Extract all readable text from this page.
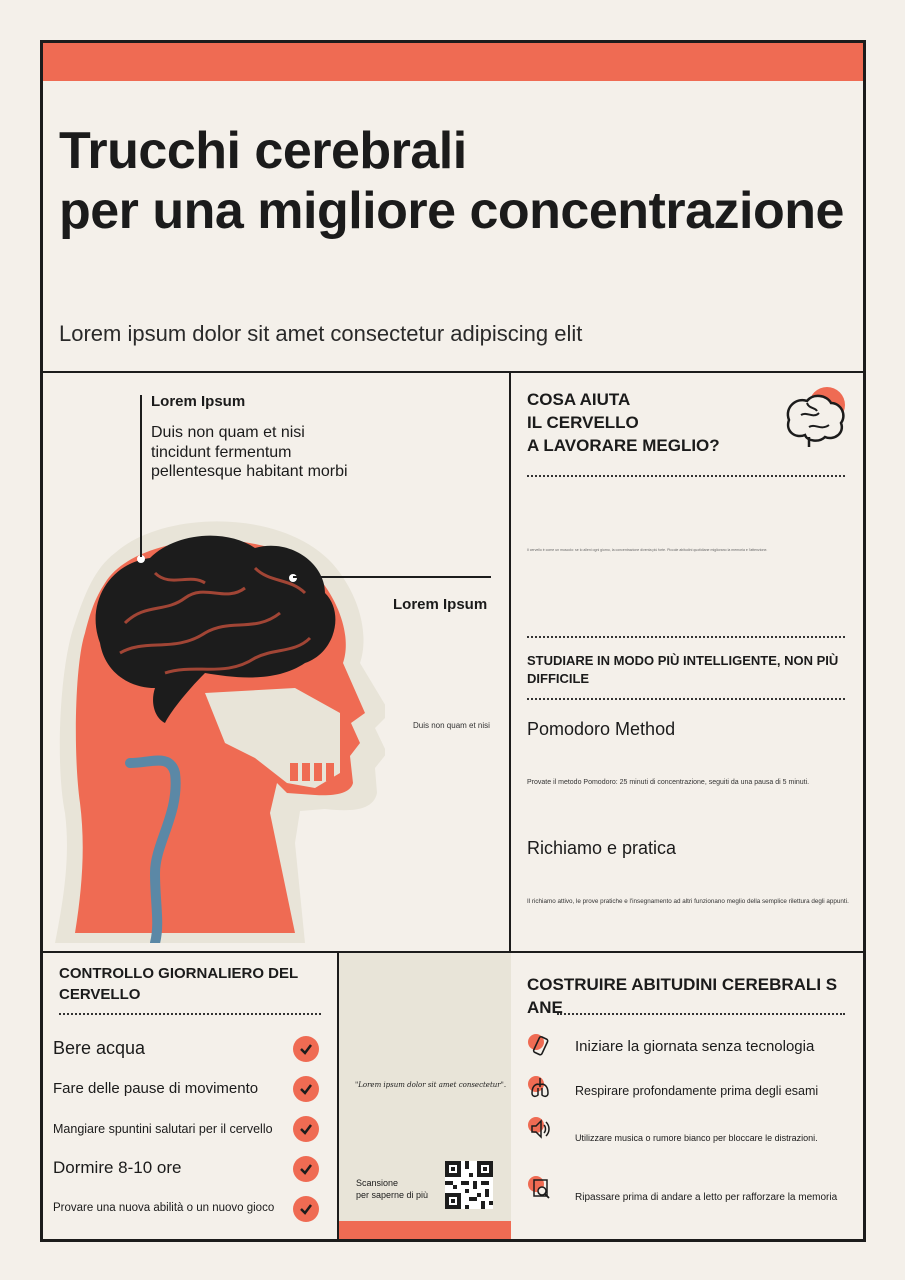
Trucchi cerebrali
per una migliore concentrazione

Lorem ipsum dolor sit amet consectetur adipiscing elit

Lorem Ipsum
Duis non quam et nisi tincidunt fermentum pellentesque habitant morbi
Lorem Ipsum
Duis non quam et nisi
COSA AIUTA
IL CERVELLO
A LAVORARE MEGLIO?
Il cervello è come un muscolo: se lo alleni ogni giorno, la concentrazione diventa più forte. Piccole abitudini quotidiane migliorano la memoria e l'attenzione.
STUDIARE IN MODO PIÙ INTELLIGENTE, NON PIÙ DIFFICILE
Pomodoro Method
Provate il metodo Pomodoro: 25 minuti di concentrazione, seguiti da una pausa di 5 minuti.
Richiamo e pratica
Il richiamo attivo, le prove pratiche e l'insegnamento ad altri funzionano meglio della semplice rilettura degli appunti.
CONTROLLO GIORNALIERO DEL
CERVELLO
Bere acqua
Fare delle pause di movimento
Mangiare spuntini salutari per il cervello
Dormire 8-10 ore
Provare una nuova abilità o un nuovo gioco
"Lorem ipsum dolor sit amet consectetur".
Scansione
per saperne di più
COSTRUIRE ABITUDINI CEREBRALI S
ANE
Iniziare la giornata senza tecnologia
Respirare profondamente prima degli esami
Utilizzare musica o rumore bianco per bloccare le distrazioni.
Ripassare prima di andare a letto per rafforzare la memoria
